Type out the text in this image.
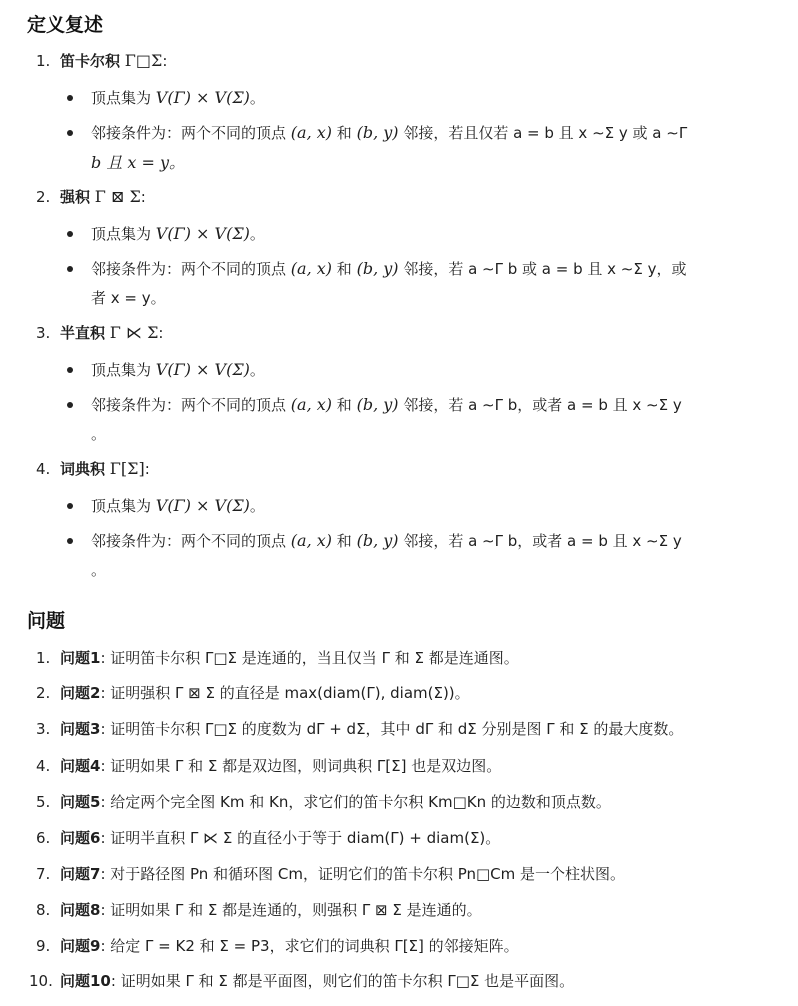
定义复述
1. 笛卡尔积 Γ□Σ:
顶点集为 V(Γ) × V(Σ)。
邻接条件为：两个不同的顶点 (a, x) 和 (b, y) 邻接，若且仅若 a = b 且 x ∼Σ y 或 a ∼Γ
b 且 x = y。
2. 强积 Γ ⊠ Σ:
顶点集为 V(Γ) × V(Σ)。
邻接条件为：两个不同的顶点 (a, x) 和 (b, y) 邻接，若 a ∼Γ b 或 a = b 且 x ∼Σ y，或
者 x = y。
3. 半直积 Γ ⋉ Σ:
顶点集为 V(Γ) × V(Σ)。
邻接条件为：两个不同的顶点 (a, x) 和 (b, y) 邻接，若 a ∼Γ b，或者 a = b 且 x ∼Σ y
。
4. 词典积 Γ[Σ]:
顶点集为 V(Γ) × V(Σ)。
邻接条件为：两个不同的顶点 (a, x) 和 (b, y) 邻接，若 a ∼Γ b，或者 a = b 且 x ∼Σ y
。
问题
1. 问题1: 证明笛卡尔积 Γ□Σ 是连通的，当且仅当 Γ 和 Σ 都是连通图。
2. 问题2: 证明强积 Γ ⊠ Σ 的直径是 max(diam(Γ), diam(Σ))。
3. 问题3: 证明笛卡尔积 Γ□Σ 的度数为 dΓ + dΣ，其中 dΓ 和 dΣ 分别是图 Γ 和 Σ 的最大度数。
4. 问题4: 证明如果 Γ 和 Σ 都是双边图，则词典积 Γ[Σ] 也是双边图。
5. 问题5: 给定两个完全图 Km 和 Kn，求它们的笛卡尔积 Km□Kn 的边数和顶点数。
6. 问题6: 证明半直积 Γ ⋉ Σ 的直径小于等于 diam(Γ) + diam(Σ)。
7. 问题7: 对于路径图 Pn 和循环图 Cm，证明它们的笛卡尔积 Pn□Cm 是一个柱状图。
8. 问题8: 证明如果 Γ 和 Σ 都是连通的，则强积 Γ ⊠ Σ 是连通的。
9. 问题9: 给定 Γ = K2 和 Σ = P3，求它们的词典积 Γ[Σ] 的邻接矩阵。
10. 问题10: 证明如果 Γ 和 Σ 都是平面图，则它们的笛卡尔积 Γ□Σ 也是平面图。
